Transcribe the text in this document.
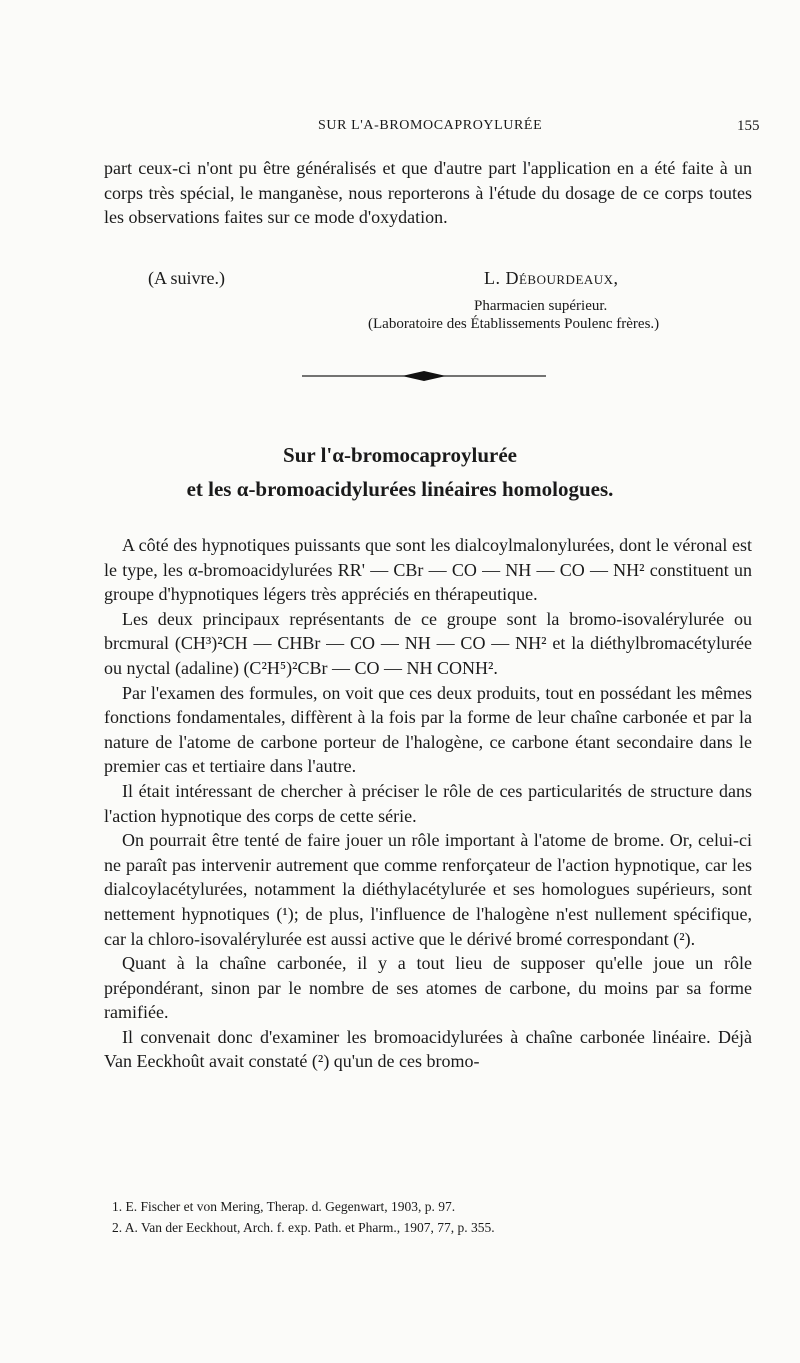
SUR L'Α-BROMOCAPROYLURÉE	155

part ceux-ci n'ont pu être généralisés et que d'autre part l'application en a été faite à un corps très spécial, le manganèse, nous reporterons à l'étude du dosage de ce corps toutes les observations faites sur ce mode d'oxydation.

(A suivre.)	L. Débourdeaux,
Pharmacien supérieur.
(Laboratoire des Établissements Poulenc frères.)
Sur l'α-bromocaproylurée
et les α-bromoacidylurées linéaires homologues.

A côté des hypnotiques puissants que sont les dialcoylmalonylurées, dont le véronal est le type, les α-bromoacidylurées RR' — CBr — CO — NH — CO — NH² constituent un groupe d'hypnotiques légers très appréciés en thérapeutique.

Les deux principaux représentants de ce groupe sont la bromo-isovalérylurée ou brcmural (CH³)²CH — CHBr — CO — NH — CO — NH² et la diéthylbromacétylurée ou nyctal (adaline) (C²H⁵)²CBr — CO — NH CONH².

Par l'examen des formules, on voit que ces deux produits, tout en possédant les mêmes fonctions fondamentales, diffèrent à la fois par la forme de leur chaîne carbonée et par la nature de l'atome de carbone porteur de l'halogène, ce carbone étant secondaire dans le premier cas et tertiaire dans l'autre.

Il était intéressant de chercher à préciser le rôle de ces particularités de structure dans l'action hypnotique des corps de cette série.

On pourrait être tenté de faire jouer un rôle important à l'atome de brome. Or, celui-ci ne paraît pas intervenir autrement que comme renforçateur de l'action hypnotique, car les dialcoylacétylurées, notamment la diéthylacétylurée et ses homologues supérieurs, sont nettement hypnotiques (¹); de plus, l'influence de l'halogène n'est nullement spécifique, car la chloro-isovalérylurée est aussi active que le dérivé bromé correspondant (²).

Quant à la chaîne carbonée, il y a tout lieu de supposer qu'elle joue un rôle prépondérant, sinon par le nombre de ses atomes de carbone, du moins par sa forme ramifiée.

Il convenait donc d'examiner les bromoacidylurées à chaîne carbonée linéaire. Déjà Van Eeckhoût avait constaté (²) qu'un de ces bromo-

1. E. Fischer et von Mering, Therap. d. Gegenwart, 1903, p. 97.
2. A. Van der Eeckhout, Arch. f. exp. Path. et Pharm., 1907, 77, p. 355.
